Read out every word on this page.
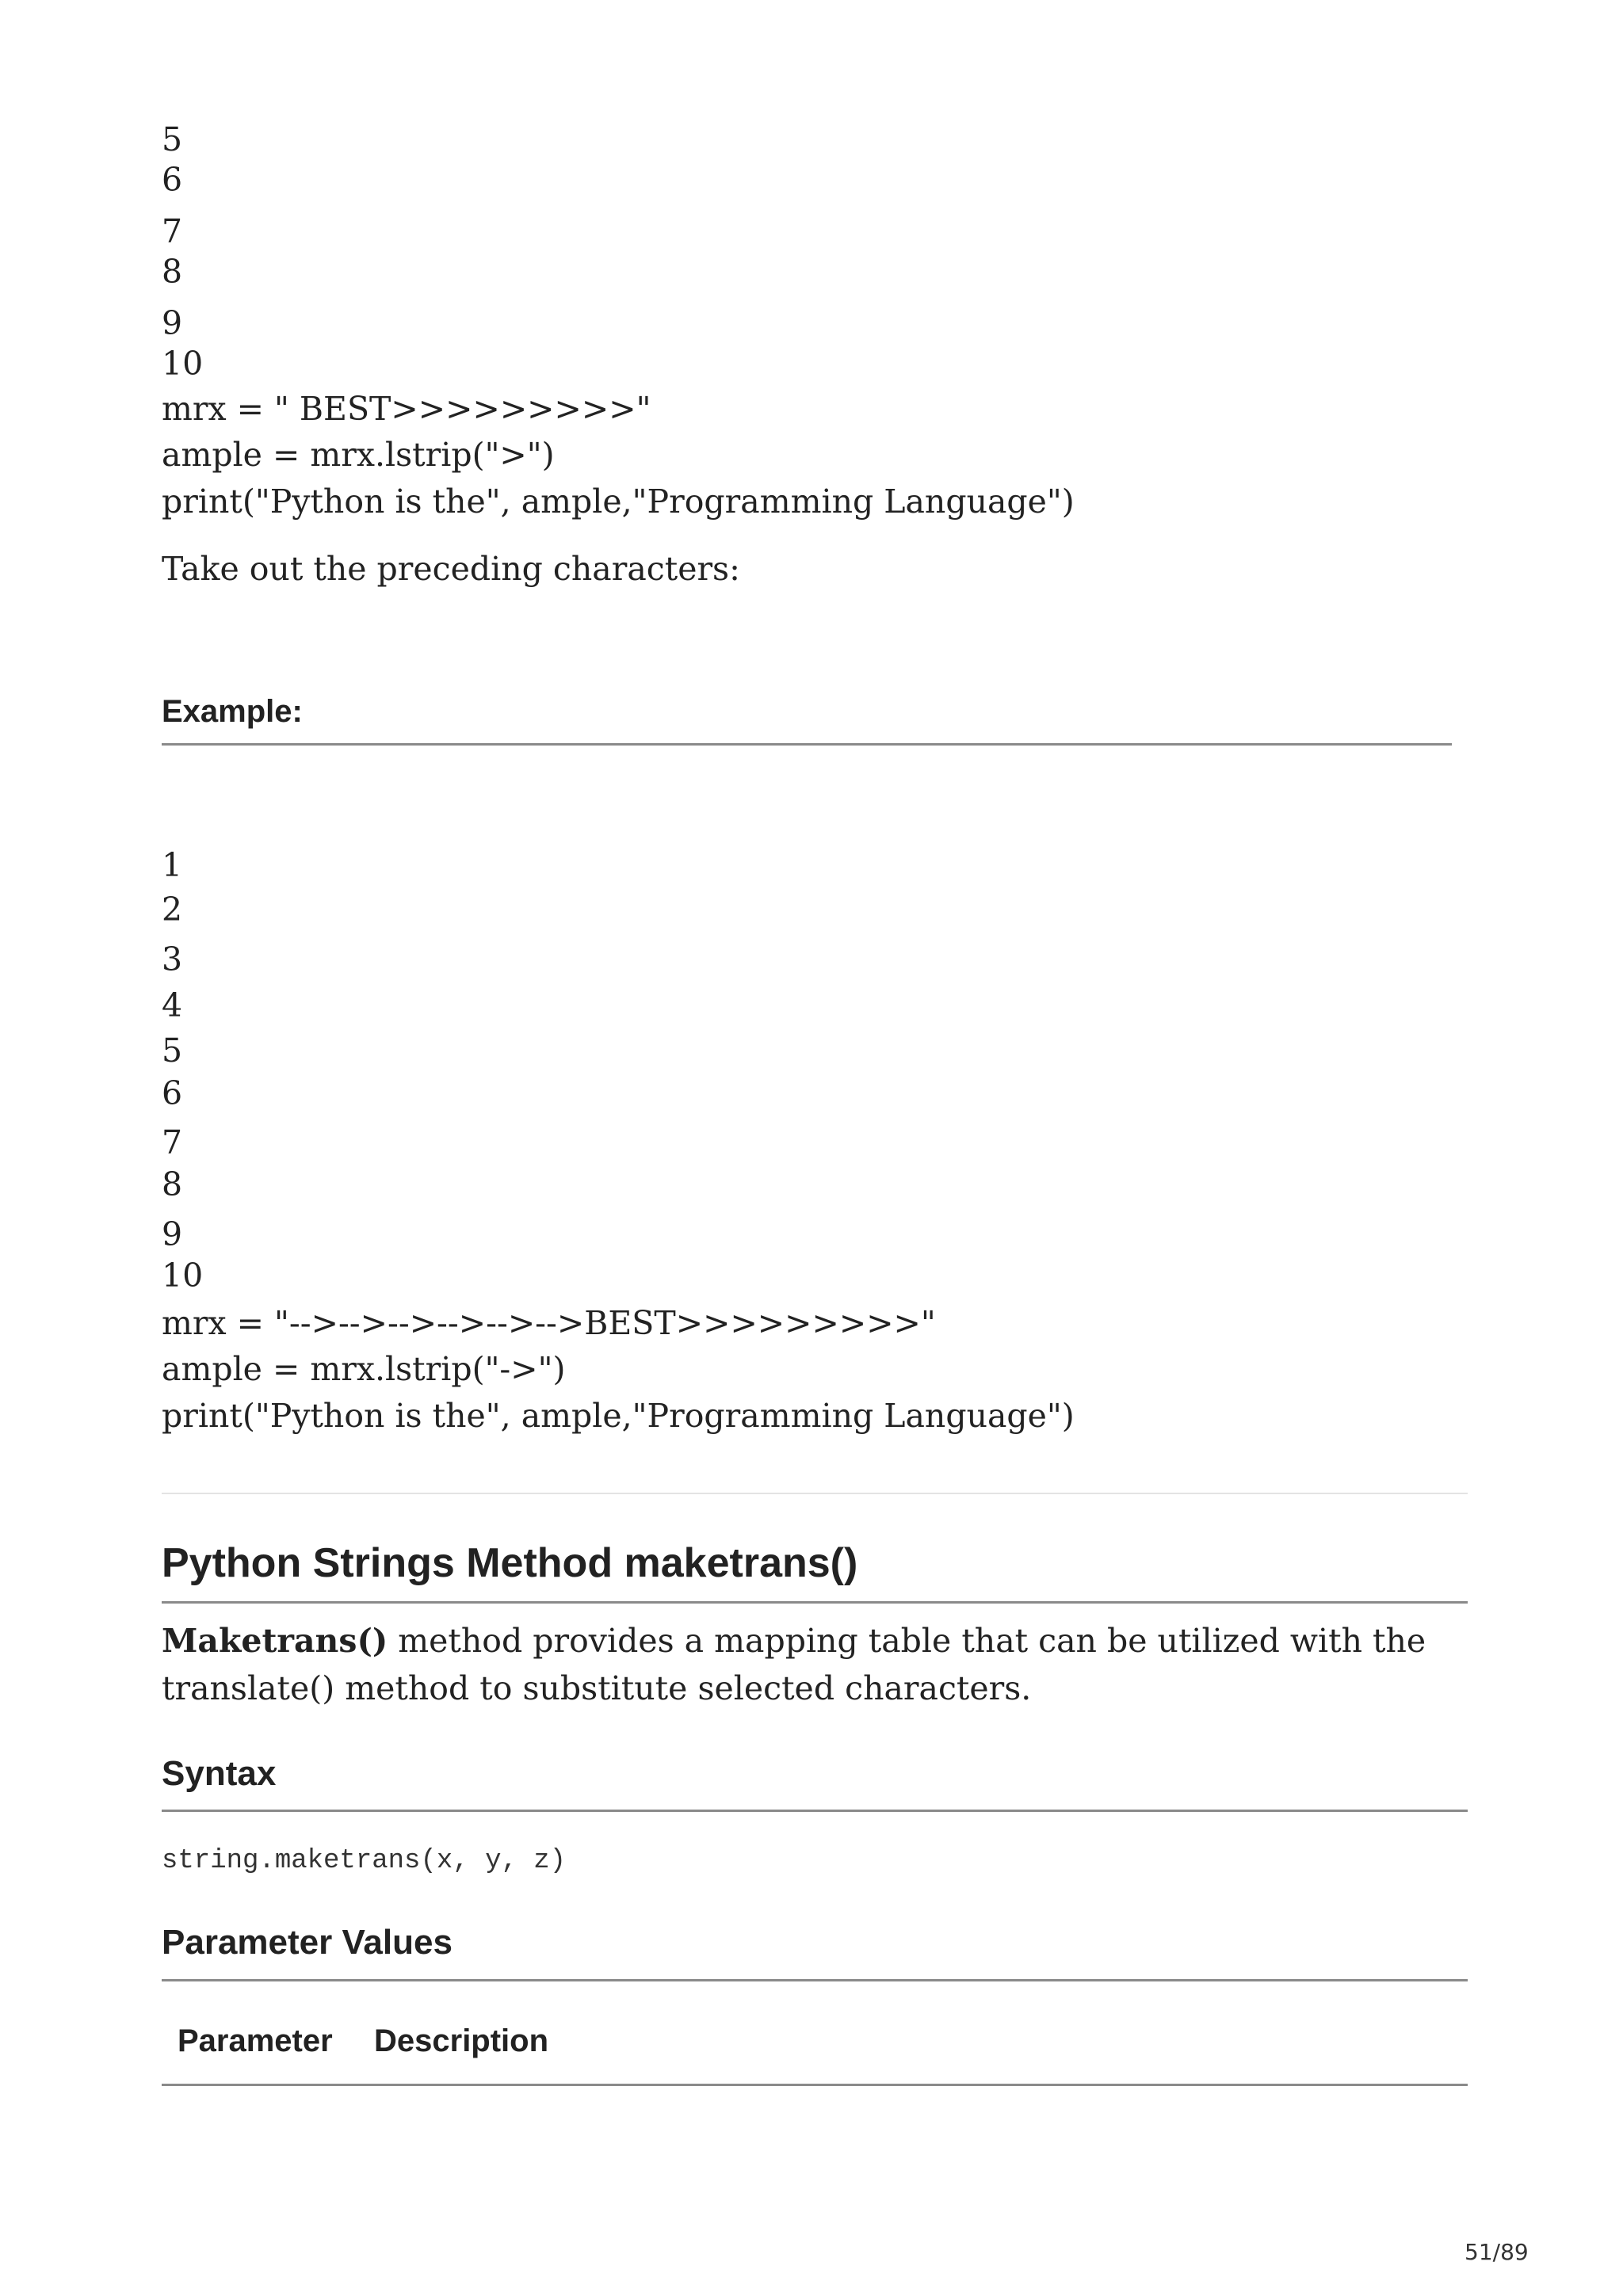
5
6
7
8
9
10
mrx = " BEST>>>>>>>>>"
ample = mrx.lstrip(">")
print("Python is the", ample,"Programming Language")
Take out the preceding characters:
Example:
1
2
3
4
5
6
7
8
9
10
mrx = "-->-->-->-->-->-->BEST>>>>>>>>>"
ample = mrx.lstrip("->")
print("Python is the", ample,"Programming Language")
Python Strings Method maketrans()
Maketrans() method provides a mapping table that can be utilized with the translate() method to substitute selected characters.
Syntax
string.maketrans(x, y, z)
Parameter Values
Parameter Description
51/89
